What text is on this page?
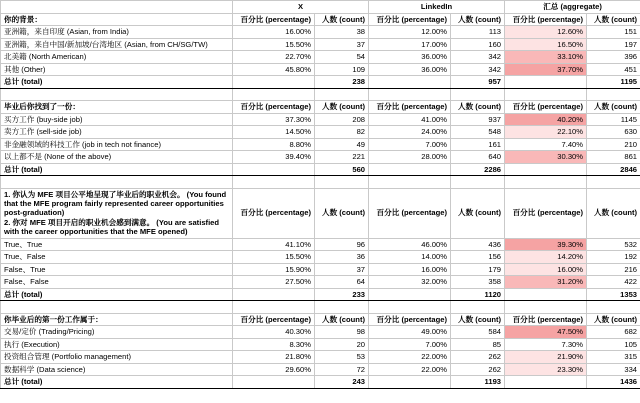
	X		LinkedIn		汇总 (aggregate)	
你的背景：	百分比 (percentage)	人数 (count)	百分比 (percentage)	人数 (count)	百分比 (percentage)	人数 (count)
亚洲籍，来自印度 (Asian, from India)	16.00%	38	12.00%	113	12.60%	151
亚洲籍，来自中国/新加坡/台湾地区 (Asian, from CH/SG/TW)	15.50%	37	17.00%	160	16.50%	197
北美籍 (North American)	22.70%	54	36.00%	342	33.10%	396
其他 (Other)	45.80%	109	36.00%	342	37.70%	451
总计 (total)		238		957		1195

毕业后你找到了一份：	百分比 (percentage)	人数 (count)	百分比 (percentage)	人数 (count)	百分比 (percentage)	人数 (count)
买方工作 (buy-side job)	37.30%	208	41.00%	937	40.20%	1145
卖方工作 (sell-side job)	14.50%	82	24.00%	548	22.10%	630
非金融领域的科技工作 (job in tech not finance)	8.80%	49	7.00%	161	7.40%	210
以上都不是 (None of the above)	39.40%	221	28.00%	640	30.30%	861
总计 (total)		560		2286		2846

1. 你认为 MFE 项目公平地呈现了毕业后的职业机会。 (You found that the MFE program fairly represented career opportunities post-graduation)
2. 你对 MFE 项目开启的职业机会感到满意。 (You are satisfied with the career opportunities that the MFE opened)	百分比 (percentage)	人数 (count)	百分比 (percentage)	人数 (count)	百分比 (percentage)	人数 (count)
True、True	41.10%	96	46.00%	436	39.30%	532
True、False	15.50%	36	14.00%	156	14.20%	192
False、True	15.90%	37	16.00%	179	16.00%	216
False、False	27.50%	64	32.00%	358	31.20%	422
总计 (total)		233		1120		1353

你毕业后的第一份工作属于：	百分比 (percentage)	人数 (count)	百分比 (percentage)	人数 (count)	百分比 (percentage)	人数 (count)
交易/定价 (Trading/Pricing)	40.30%	98	49.00%	584	47.50%	682
执行 (Execution)	8.30%	20	7.00%	85	7.30%	105
投资组合管理 (Portfolio management)	21.80%	53	22.00%	262	21.90%	315
数据科学 (Data science)	29.60%	72	22.00%	262	23.30%	334
总计 (total)		243		1193		1436
